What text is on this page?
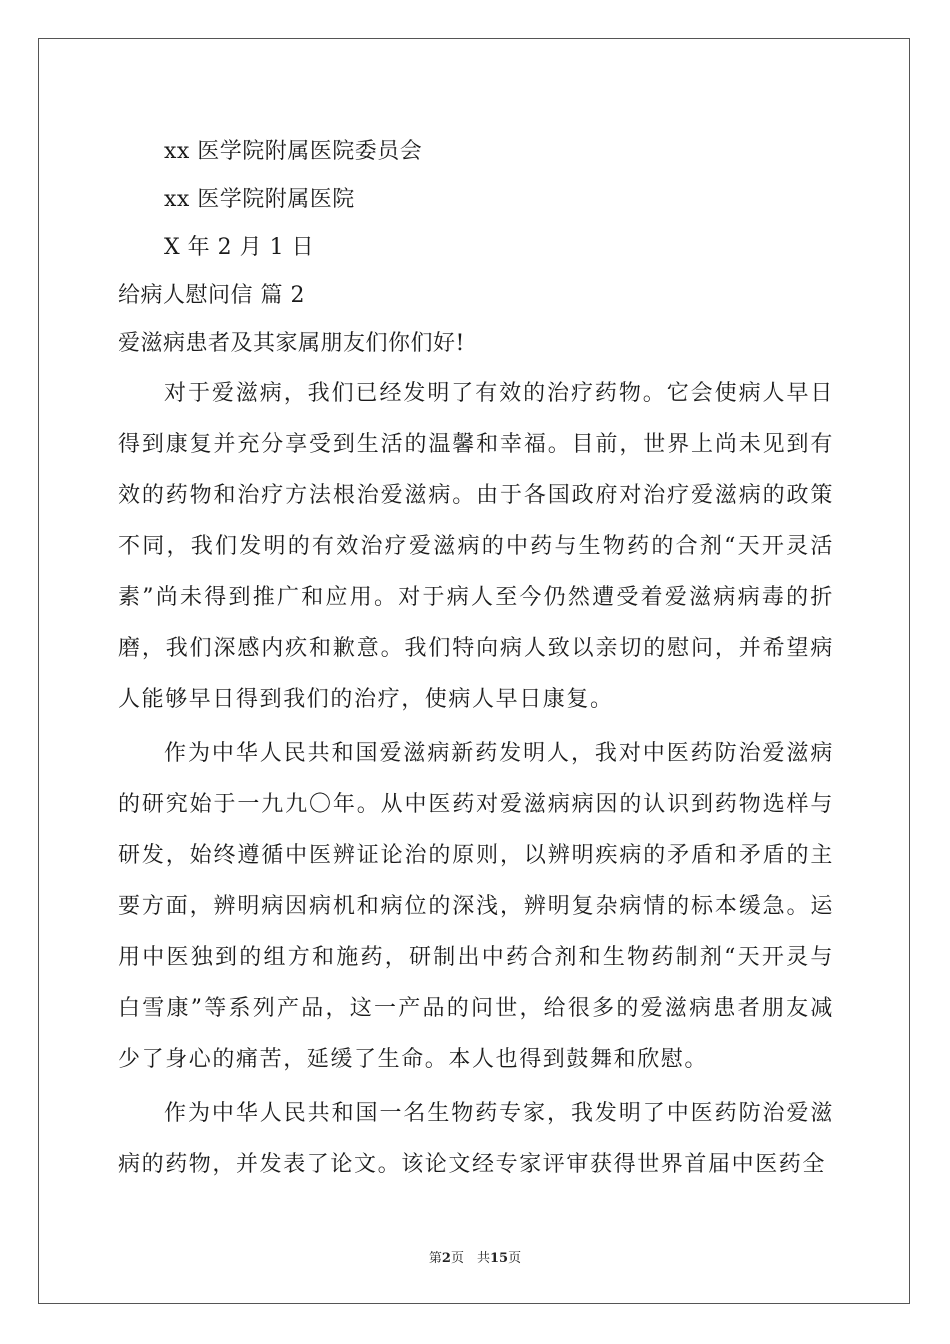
xx 医学院附属医院委员会
xx 医学院附属医院
X 年 2 月 1 日
给病人慰问信 篇 2
爱滋病患者及其家属朋友们你们好!

对于爱滋病，我们已经发明了有效的治疗药物。它会使病人早日得到康复并充分享受到生活的温馨和幸福。目前，世界上尚未见到有效的药物和治疗方法根治爱滋病。由于各国政府对治疗爱滋病的政策不同，我们发明的有效治疗爱滋病的中药与生物药的合剂“天开灵活素”尚未得到推广和应用。对于病人至今仍然遭受着爱滋病病毒的折磨，我们深感内疚和歉意。我们特向病人致以亲切的慰问，并希望病人能够早日得到我们的治疗，使病人早日康复。

作为中华人民共和国爱滋病新药发明人，我对中医药防治爱滋病的研究始于一九九〇年。从中医药对爱滋病病因的认识到药物选样与研发，始终遵循中医辨证论治的原则，以辨明疾病的矛盾和矛盾的主要方面，辨明病因病机和病位的深浅，辨明复杂病情的标本缓急。运用中医独到的组方和施药，研制出中药合剂和生物药制剂“天开灵与白雪康”等系列产品，这一产品的问世，给很多的爱滋病患者朋友减少了身心的痛苦，延缓了生命。本人也得到鼓舞和欣慰。

作为中华人民共和国一名生物药专家，我发明了中医药防治爱滋病的药物，并发表了论文。该论文经专家评审获得世界首届中医药全

第2页　共15页
